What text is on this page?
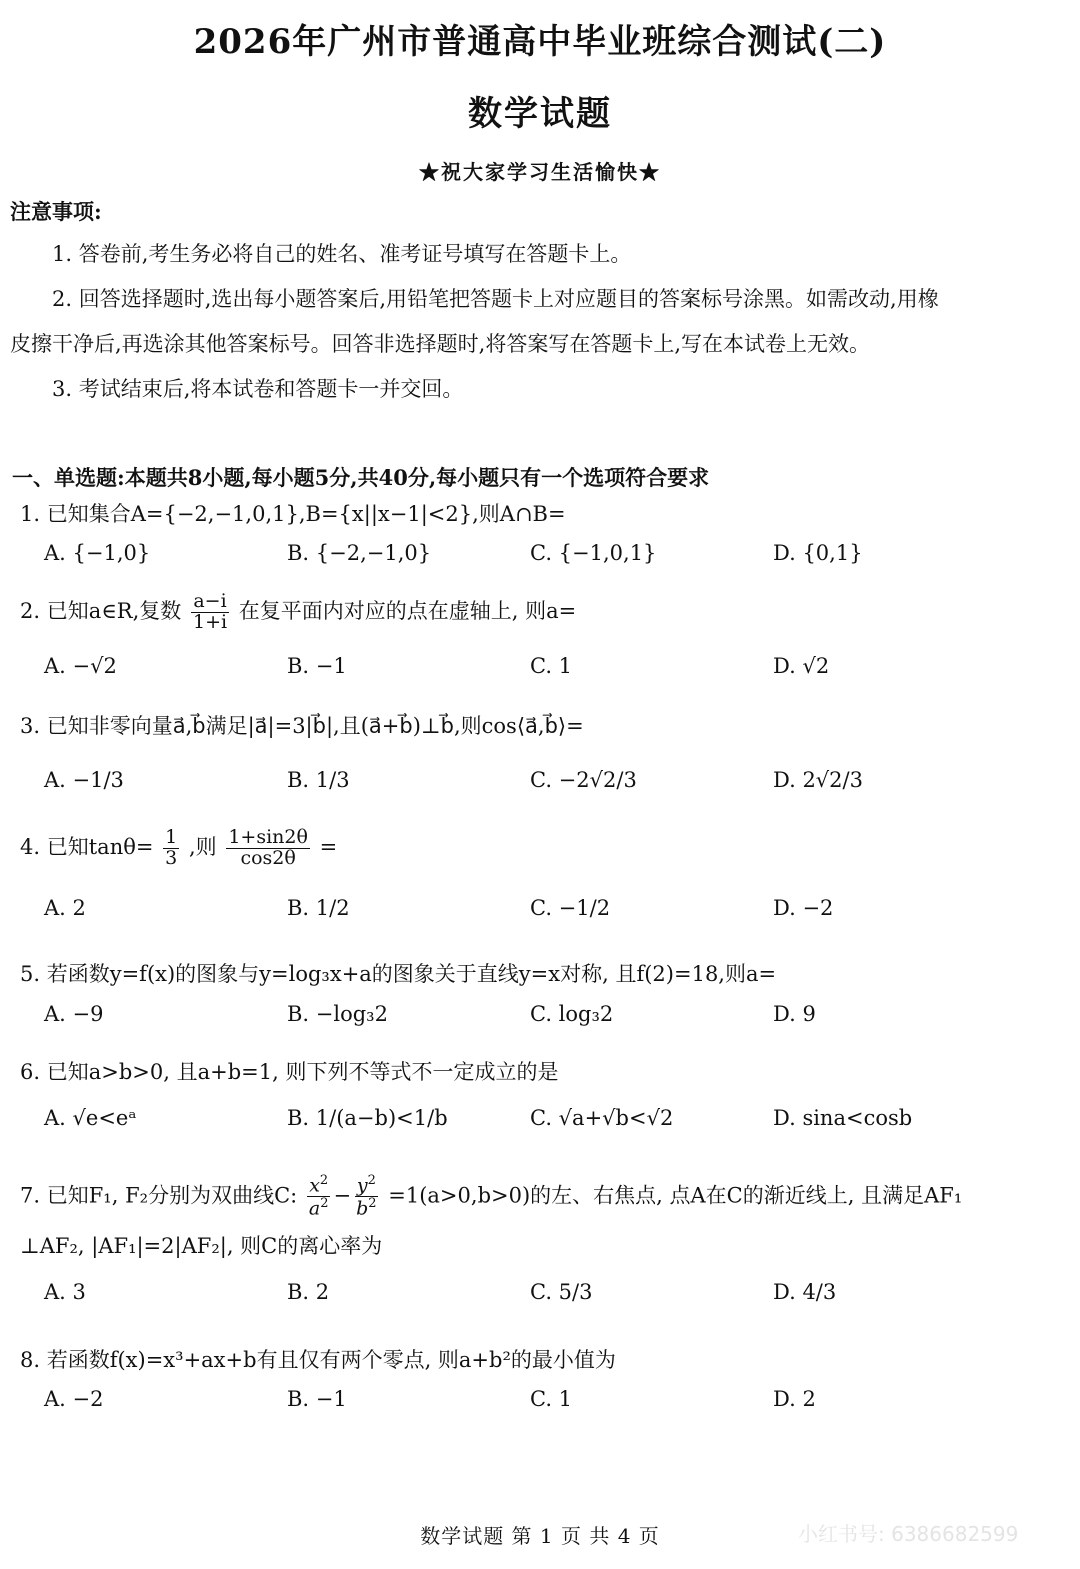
2026年广州市普通高中毕业班综合测试(二)
数学试题
★祝大家学习生活愉快★
注意事项:
1. 答卷前,考生务必将自己的姓名、准考证号填写在答题卡上。
2. 回答选择题时,选出每小题答案后,用铅笔把答题卡上对应题目的答案标号涂黑。如需改动,用橡
皮擦干净后,再选涂其他答案标号。回答非选择题时,将答案写在答题卡上,写在本试卷上无效。
3. 考试结束后,将本试卷和答题卡一并交回。
一、单选题:本题共8小题,每小题5分,共40分,每小题只有一个选项符合要求
1. 已知集合A={−2,−1,0,1},B={x||x−1|<2},则A∩B=
A. {−1,0}	B. {−2,−1,0}	C. {−1,0,1}	D. {0,1}
2. 已知a∈R,复数 $\frac{a-i}{1+i}$ 在复平面内对应的点在虚轴上, 则a=
A. −√2	B. −1	C. 1	D. √2
3. 已知非零向量a⃗,b⃗满足|a⃗|=3|b⃗|,且(a⃗+b⃗)⊥b⃗,则cos⟨a⃗,b⃗⟩=
A. −1/3	B. 1/3	C. −2√2/3	D. 2√2/3
4. 已知$\tan\theta= \frac{1}{3}$ ,则 $\frac{1+\sin 2\theta}{\cos 2\theta}$ =
A. 2	B. 1/2	C. −1/2	D. −2
5. 若函数y=f(x)的图象与y=log₃x+a的图象关于直线y=x对称, 且f(2)=18,则a=
A. −9	B. −log₃2	C. log₃2	D. 9
6. 已知a>b>0, 且a+b=1, 则下列不等式不一定成立的是
A. √e<eᵃ	B. 1/(a−b)<1/b	C. √a+√b<√2	D. sina<cosb
7. 已知F₁, F₂分别为双曲线C: $\frac{x^2}{a^2} - \frac{y^2}{b^2} =1(a>0,b>0)$的左、右焦点, 点A在C的渐近线上, 且满足AF₁
⊥AF₂, |AF₁|=2|AF₂|, 则C的离心率为
A. 3	B. 2	C. 5/3	D. 4/3
8. 若函数f(x)=x³+ax+b有且仅有两个零点, 则a+b²的最小值为
A. −2	B. −1	C. 1	D. 2
数学试题 第 1 页 共 4 页	小红书号: 6386682599
